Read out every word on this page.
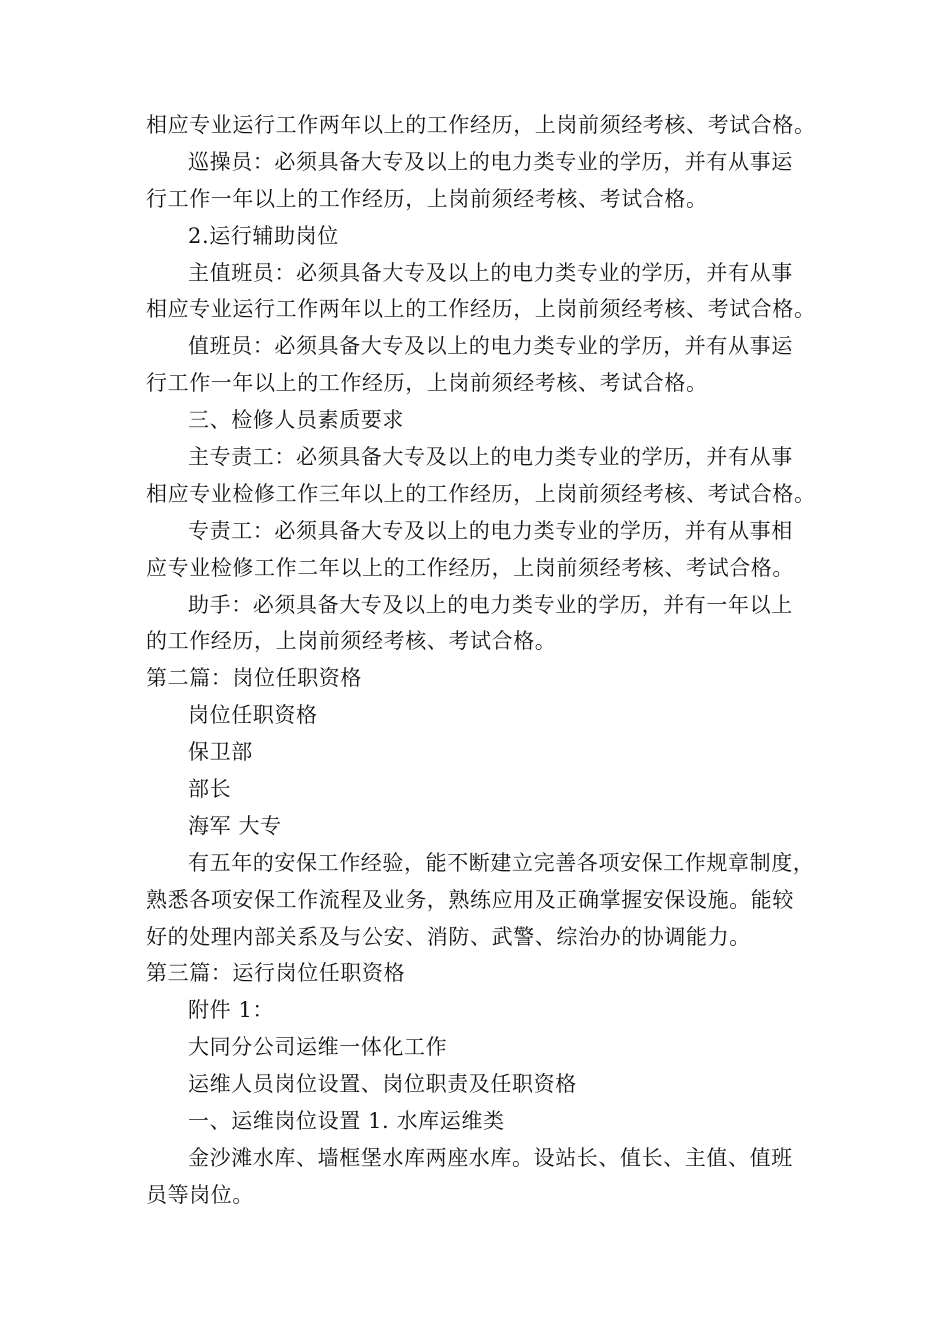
相应专业运行工作两年以上的工作经历，上岗前须经考核、考试合格。
巡操员：必须具备大专及以上的电力类专业的学历，并有从事运
行工作一年以上的工作经历，上岗前须经考核、考试合格。
2.运行辅助岗位
主值班员：必须具备大专及以上的电力类专业的学历，并有从事
相应专业运行工作两年以上的工作经历，上岗前须经考核、考试合格。
值班员：必须具备大专及以上的电力类专业的学历，并有从事运
行工作一年以上的工作经历，上岗前须经考核、考试合格。
三、检修人员素质要求
主专责工：必须具备大专及以上的电力类专业的学历，并有从事
相应专业检修工作三年以上的工作经历，上岗前须经考核、考试合格。
专责工：必须具备大专及以上的电力类专业的学历，并有从事相
应专业检修工作二年以上的工作经历，上岗前须经考核、考试合格。
助手：必须具备大专及以上的电力类专业的学历，并有一年以上
的工作经历，上岗前须经考核、考试合格。
第二篇：岗位任职资格
岗位任职资格
保卫部
部长
海军 大专
有五年的安保工作经验，能不断建立完善各项安保工作规章制度，
熟悉各项安保工作流程及业务，熟练应用及正确掌握安保设施。能较
好的处理内部关系及与公安、消防、武警、综治办的协调能力。
第三篇：运行岗位任职资格
附件 1：
大同分公司运维一体化工作
运维人员岗位设置、岗位职责及任职资格
一、运维岗位设置 1. 水库运维类
金沙滩水库、墙框堡水库两座水库。设站长、值长、主值、值班
员等岗位。
